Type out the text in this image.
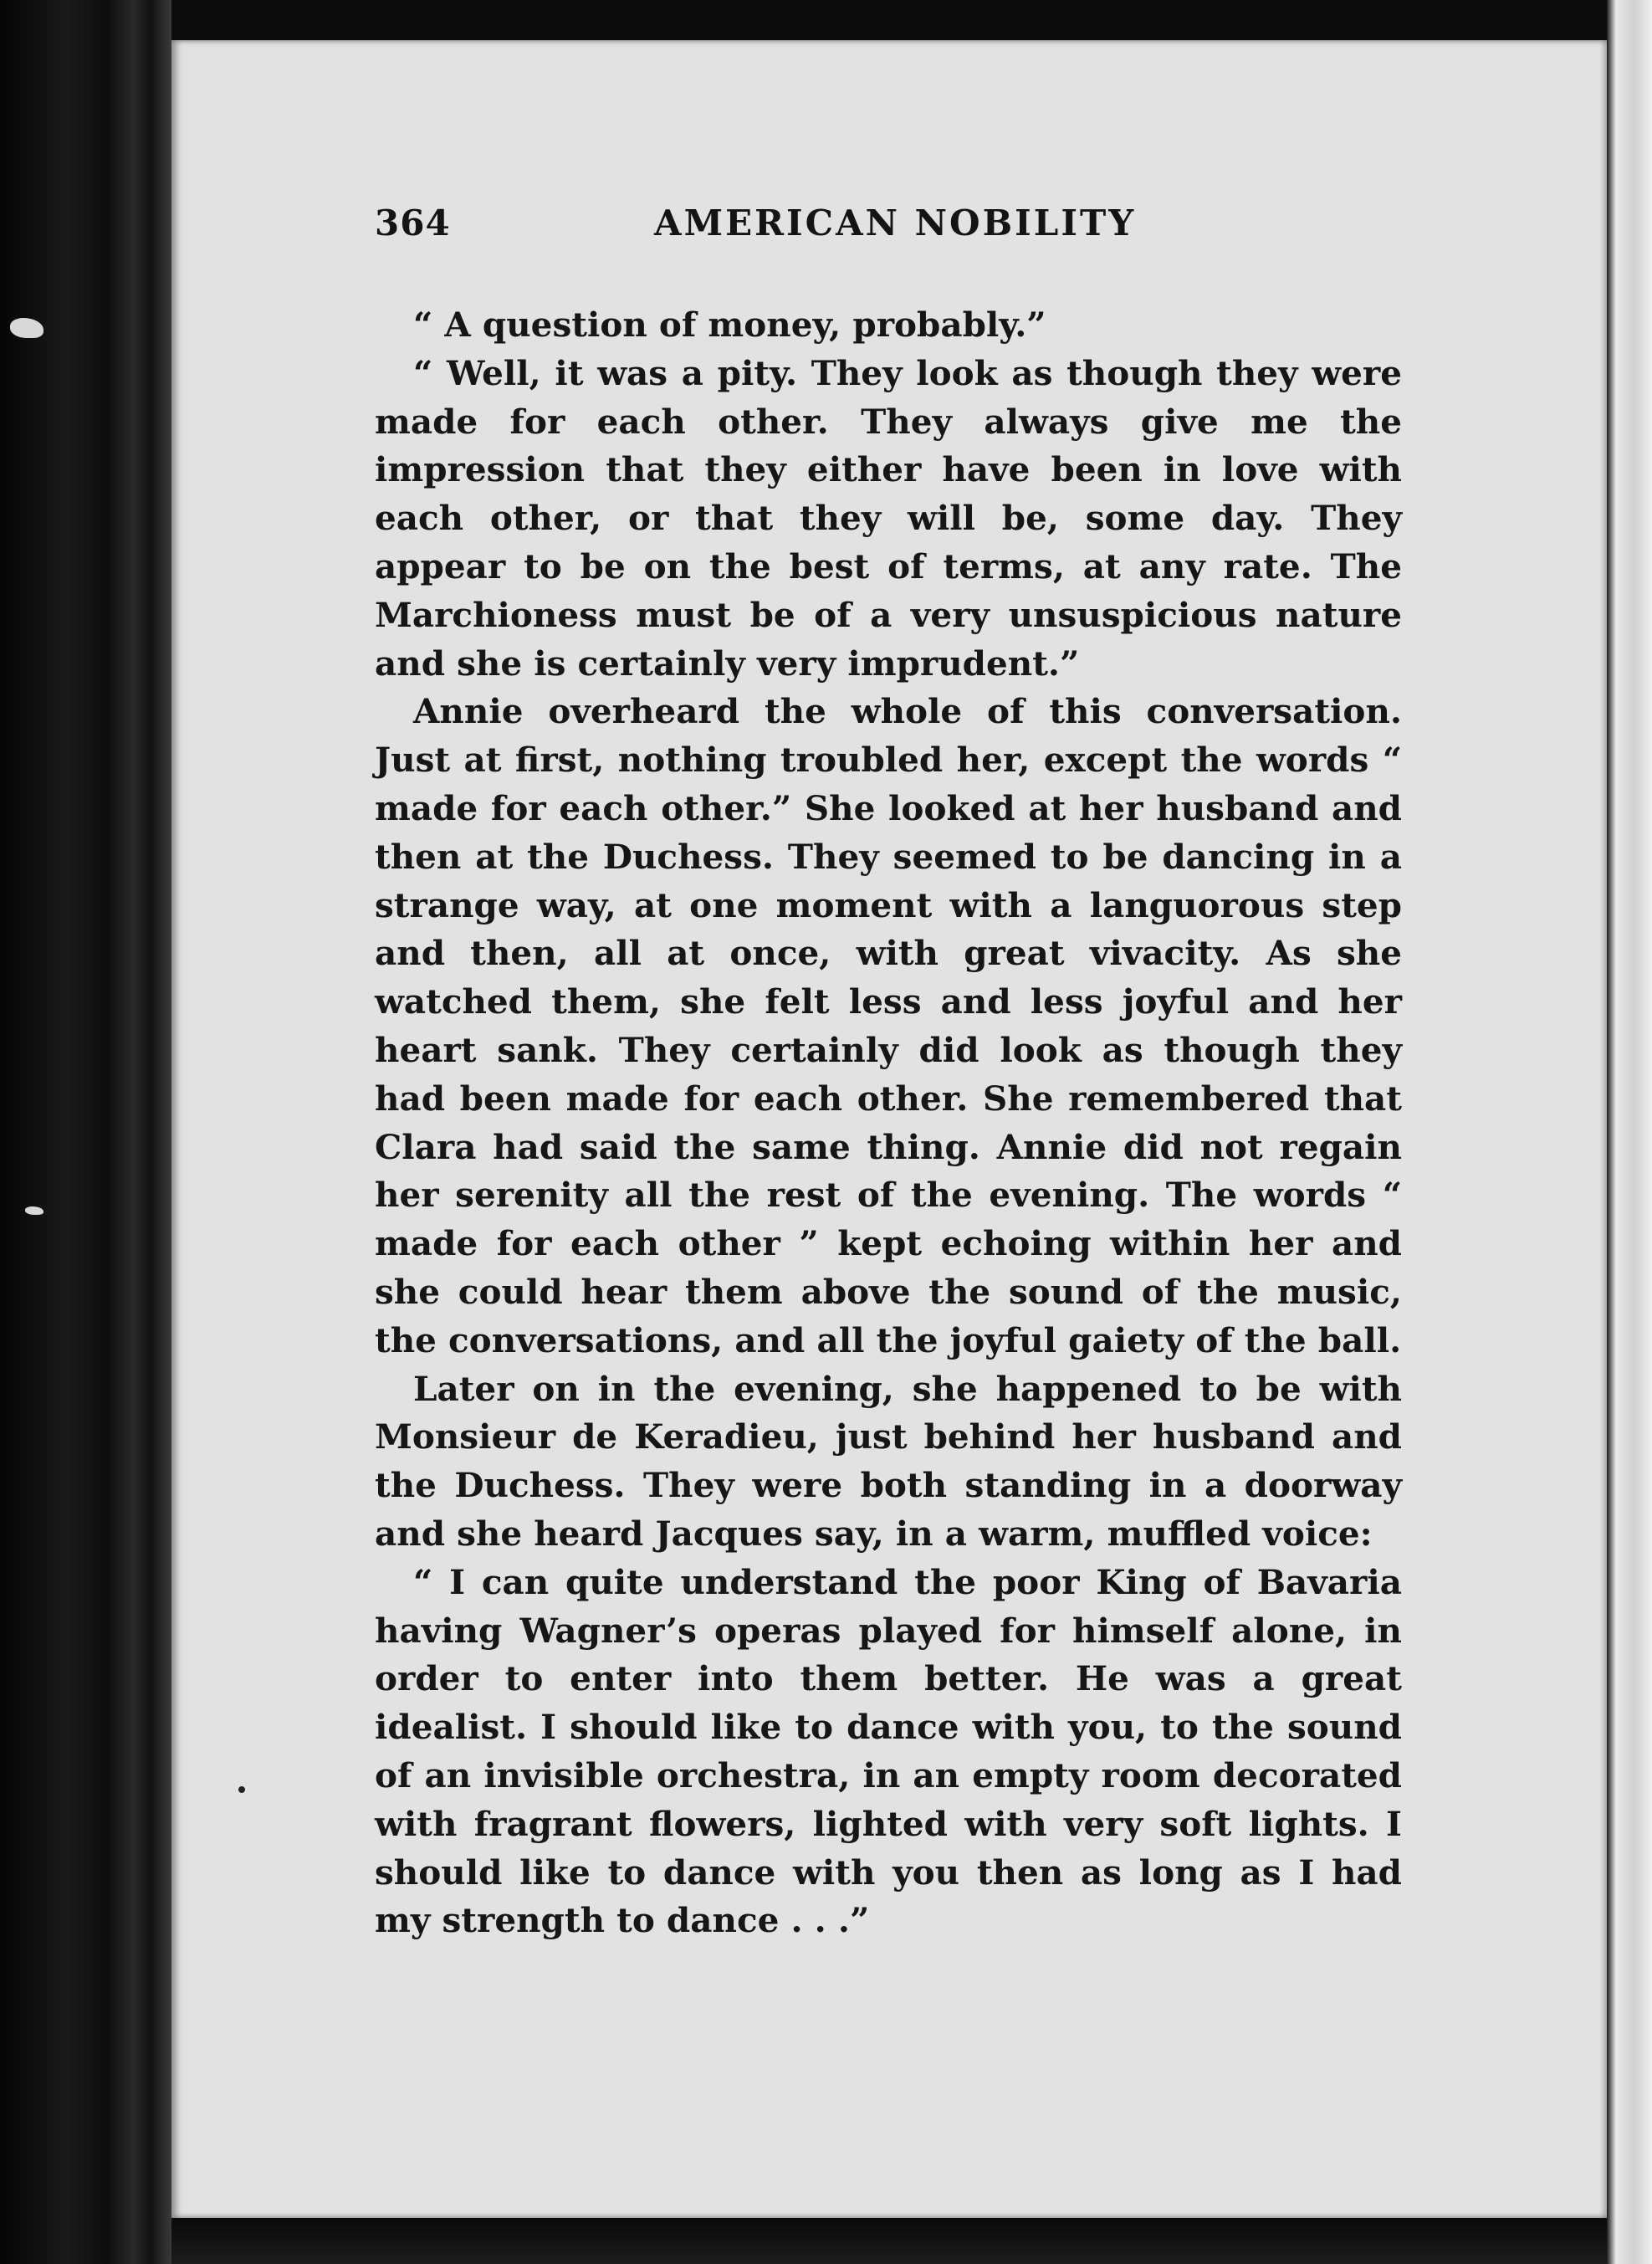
364	AMERICAN NOBILITY

“ A question of money, probably.”

“ Well, it was a pity. They look as though they were made for each other. They always give me the impression that they either have been in love with each other, or that they will be, some day. They appear to be on the best of terms, at any rate. The Marchioness must be of a very unsuspicious nature and she is certainly very imprudent.”

Annie overheard the whole of this conversation. Just at first, nothing troubled her, except the words “ made for each other.” She looked at her husband and then at the Duchess. They seemed to be dancing in a strange way, at one moment with a languorous step and then, all at once, with great vivacity. As she watched them, she felt less and less joyful and her heart sank. They certainly did look as though they had been made for each other. She remembered that Clara had said the same thing. Annie did not regain her serenity all the rest of the evening. The words “ made for each other ” kept echoing within her and she could hear them above the sound of the music, the conversations, and all the joyful gaiety of the ball.

Later on in the evening, she happened to be with Monsieur de Keradieu, just behind her husband and the Duchess. They were both standing in a doorway and she heard Jacques say, in a warm, muffled voice:

“ I can quite understand the poor King of Bavaria having Wagner’s operas played for himself alone, in order to enter into them better. He was a great idealist. I should like to dance with you, to the sound of an invisible orchestra, in an empty room decorated with fragrant flowers, lighted with very soft lights. I should like to dance with you then as long as I had my strength to dance . . .”
